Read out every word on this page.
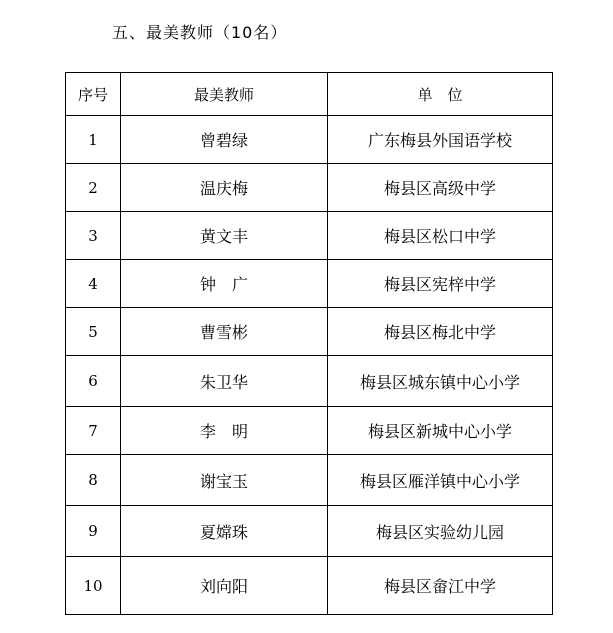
五、最美教师（10名）
序号	最美教师	单　位
1	曾碧绿	广东梅县外国语学校
2	温庆梅	梅县区高级中学
3	黄文丰	梅县区松口中学
4	钟　广	梅县区宪梓中学
5	曹雪彬	梅县区梅北中学
6	朱卫华	梅县区城东镇中心小学
7	李　明	梅县区新城中心小学
8	谢宝玉	梅县区雁洋镇中心小学
9	夏嫦珠	梅县区实验幼儿园
10	刘向阳	梅县区畲江中学
